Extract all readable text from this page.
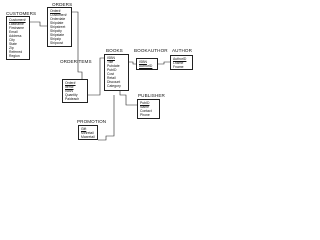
CUSTOMERS
Customer#
Lastname
Firstname
Email
Address
City
State
Zip
Referred
Region
ORDERS
Order#
Customer#
Orderdate
Shipdate
Shipstreet
Shipcity
Shipstate
Shipzip
Shipcost
ORDERITEMS
Order#
Item#
ISBN
Quantity
Paideach
BOOKS
ISBN
Title
Pubdate
PubID
Cost
Retail
Discount
Category
BOOKAUTHOR
ISBN
AuthorID
AUTHOR
AuthorID
Lname
Fname
PUBLISHER
PubID
Name
Contact
Phone
PROMOTION
Gift
Minretail
Maxretail
